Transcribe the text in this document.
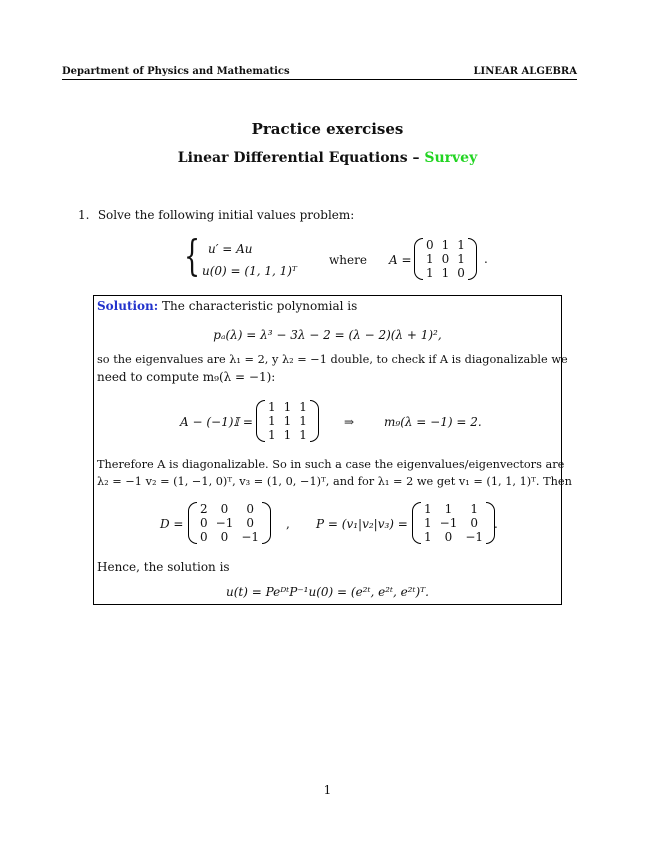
Department of Physics and Mathematics	LINEAR ALGEBRA
Practice exercises
Linear Differential Equations – Survey
1. Solve the following initial values problem:
{ u′ = Au
u(0) = (1, 1, 1)ᵀ
where A =
0	1	1
1	0	1
1	1	0
.
Solution: The characteristic polynomial is
pₐ(λ) = λ³ − 3λ − 2 = (λ − 2)(λ + 1)²,
so the eigenvalues are λ₁ = 2, y λ₂ = −1 double, to check if A is diagonalizable we
need to compute m₉(λ = −1):
A − (−1)𝕀 =
1	1	1
1	1	1
1	1	1
⇒ m₉(λ = −1) = 2.
Therefore A is diagonalizable. So in such a case the eigenvalues/eigenvectors are
λ₂ = −1 v₂ = (1, −1, 0)ᵀ, v₃ = (1, 0, −1)ᵀ, and for λ₁ = 2 we get v₁ = (1, 1, 1)ᵀ. Then
D =
2	0	0
0	−1	0
0	0	−1
, P = (v₁|v₂|v₃) =
1	1	1
1	−1	0
1	0	−1
.
Hence, the solution is
u(t) = PeᴰᵗP⁻¹u(0) = (e²ᵗ, e²ᵗ, e²ᵗ)ᵀ.
1
